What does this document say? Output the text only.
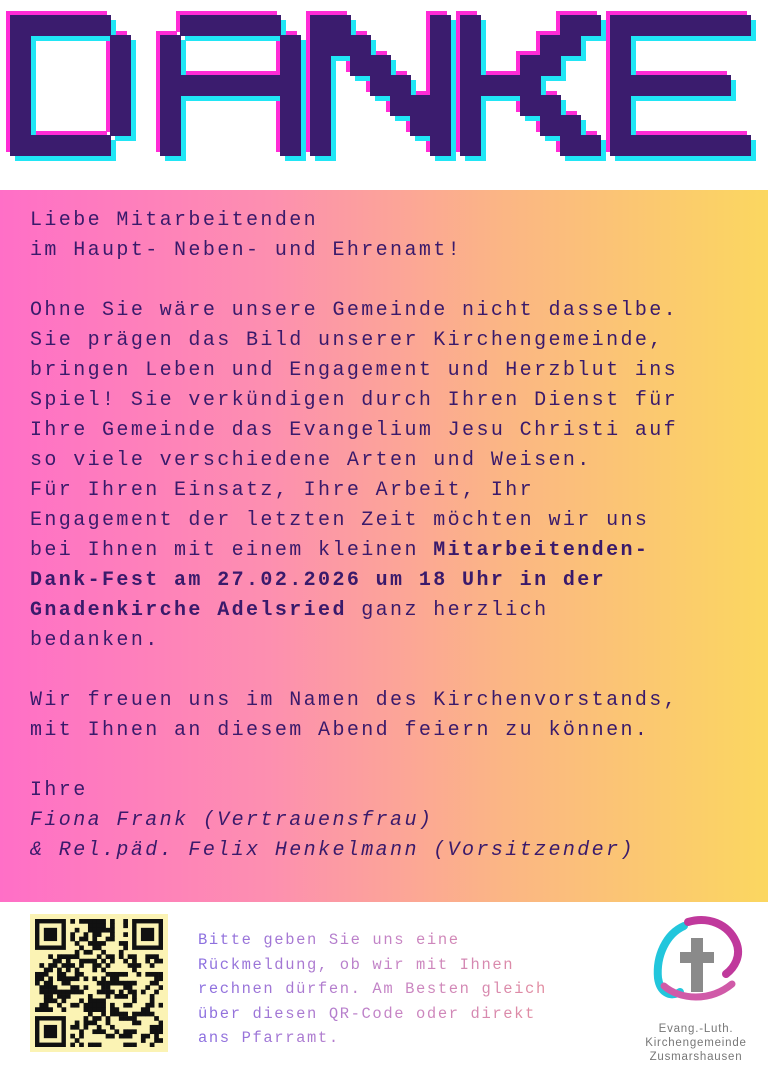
Liebe Mitarbeitenden

im Haupt- Neben- und Ehrenamt!

Ohne Sie wäre unsere Gemeinde nicht dasselbe.

Sie prägen das Bild unserer Kirchengemeinde,

bringen Leben und Engagement und Herzblut ins

Spiel! Sie verkündigen durch Ihren Dienst für

Ihre Gemeinde das Evangelium Jesu Christi auf

so viele verschiedene Arten und Weisen.

Für Ihren Einsatz, Ihre Arbeit, Ihr

Engagement der letzten Zeit möchten wir uns

bei Ihnen mit einem kleinen Mitarbeitenden-

Dank-Fest am 27.02.2026 um 18 Uhr in der

Gnadenkirche Adelsried ganz herzlich

bedanken.

Wir freuen uns im Namen des Kirchenvorstands,

mit Ihnen an diesem Abend feiern zu können.

Ihre

Fiona Frank (Vertrauensfrau)

& Rel.päd. Felix Henkelmann (Vorsitzender)

Bitte geben Sie uns eine
Rückmeldung, ob wir mit Ihnen
rechnen dürfen. Am Besten gleich
über diesen QR-Code oder direkt
ans Pfarramt.	Evang.-Luth.
Kirchengemeinde
Zusmarshausen
